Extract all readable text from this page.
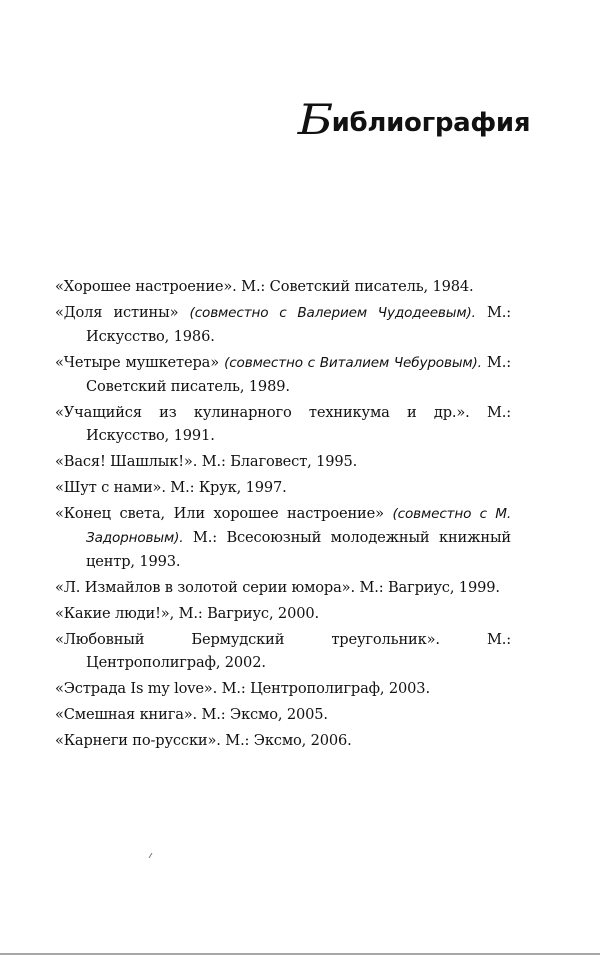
Библиография
«Хорошее настроение». М.: Советский писатель, 1984.
«Доля истины» (совместно с Валерием Чудодеевым). М.: Искусство, 1986.
«Четыре мушкетера» (совместно с Виталием Чебуровым). М.: Советский писатель, 1989.
«Учащийся из кулинарного техникума и др.». М.: Искусство, 1991.
«Вася! Шашлык!». М.: Благовест, 1995.
«Шут с нами». М.: Крук, 1997.
«Конец света, Или хорошее настроение» (совместно с М. Задорновым). М.: Всесоюзный молодежный книжный центр, 1993.
«Л. Измайлов в золотой серии юмора». М.: Вагриус, 1999.
«Какие люди!», М.: Вагриус, 2000.
«Любовный Бермудский треугольник». М.: Центрополиграф, 2002.
«Эстрада Is my love». М.: Центрополиграф, 2003.
«Смешная книга». М.: Эксмо, 2005.
«Карнеги по-русски». М.: Эксмо, 2006.
